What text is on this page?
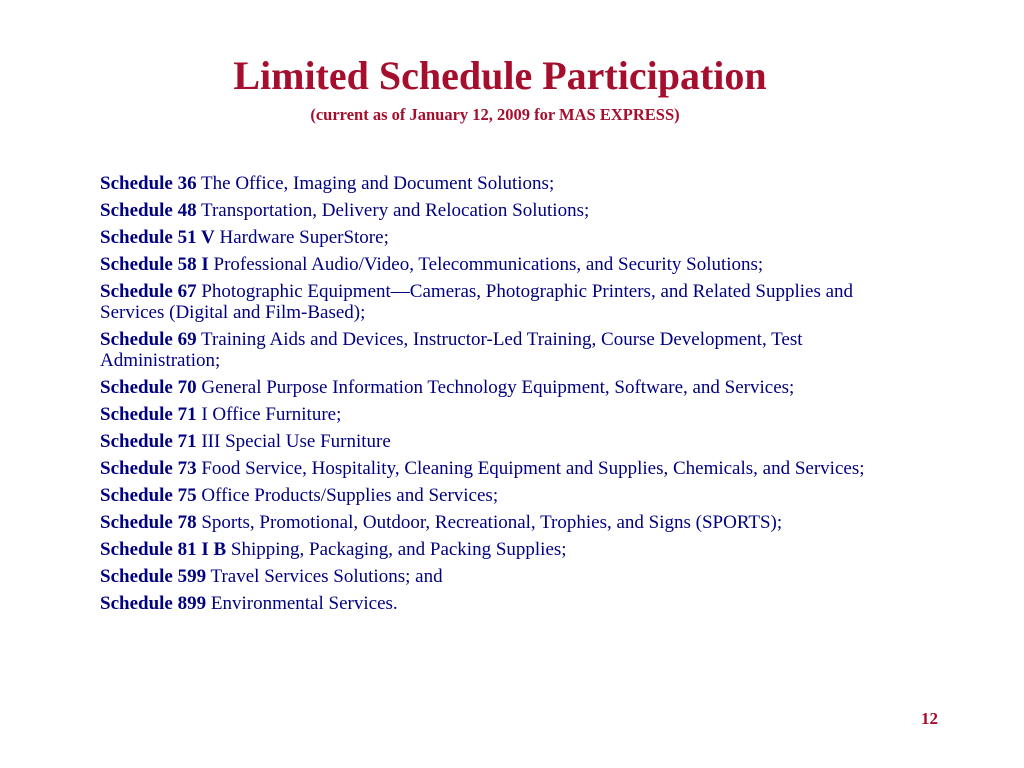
Limited Schedule Participation
(current as of January 12, 2009 for MAS EXPRESS)
Schedule 36 The Office, Imaging and Document Solutions;
Schedule 48 Transportation, Delivery and Relocation Solutions;
Schedule 51 V Hardware SuperStore;
Schedule 58 I Professional Audio/Video, Telecommunications, and Security Solutions;
Schedule 67 Photographic Equipment—Cameras, Photographic Printers, and Related Supplies and Services (Digital and Film-Based);
Schedule 69 Training Aids and Devices, Instructor-Led Training, Course Development, Test Administration;
Schedule 70 General Purpose Information Technology Equipment, Software, and Services;
Schedule 71 I Office Furniture;
Schedule 71 III Special Use Furniture
Schedule 73 Food Service, Hospitality, Cleaning Equipment and Supplies, Chemicals, and Services;
Schedule 75 Office Products/Supplies and Services;
Schedule 78 Sports, Promotional, Outdoor, Recreational, Trophies, and Signs (SPORTS);
Schedule 81 I B Shipping, Packaging, and Packing Supplies;
Schedule 599 Travel Services Solutions; and
Schedule 899 Environmental Services.
12
